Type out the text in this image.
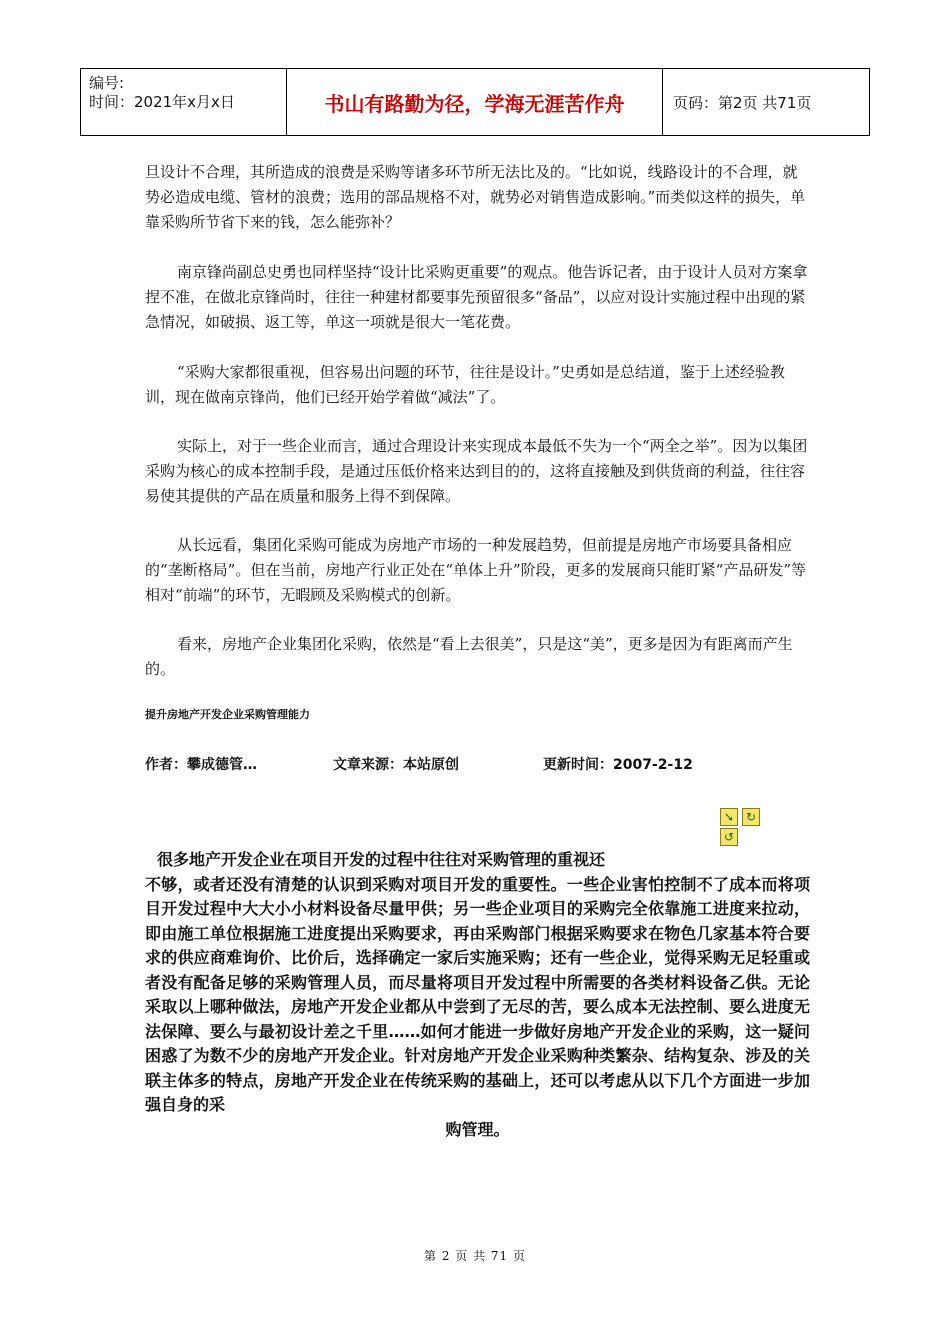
编号:
时间：2021年x月x日	书山有路勤为径，学海无涯苦作舟	页码：第2页 共71页

旦设计不合理，其所造成的浪费是采购等诸多环节所无法比及的。“比如说，线路设计的不合理，就势必造成电缆、管材的浪费；选用的部品规格不对，就势必对销售造成影响。”而类似这样的损失，单靠采购所节省下来的钱，怎么能弥补？

南京锋尚副总史勇也同样坚持“设计比采购更重要”的观点。他告诉记者，由于设计人员对方案拿捏不准，在做北京锋尚时，往往一种建材都要事先预留很多“备品”，以应对设计实施过程中出现的紧急情况，如破损、返工等，单这一项就是很大一笔花费。

“采购大家都很重视，但容易出问题的环节，往往是设计。”史勇如是总结道，鉴于上述经验教训，现在做南京锋尚，他们已经开始学着做“减法”了。

实际上，对于一些企业而言，通过合理设计来实现成本最低不失为一个“两全之举”。因为以集团采购为核心的成本控制手段，是通过压低价格来达到目的的，这将直接触及到供货商的利益，往往容易使其提供的产品在质量和服务上得不到保障。

从长远看，集团化采购可能成为房地产市场的一种发展趋势，但前提是房地产市场要具备相应的“垄断格局”。但在当前，房地产行业正处在“单体上升”阶段，更多的发展商只能盯紧“产品研发”等相对“前端”的环节，无暇顾及采购模式的创新。

看来，房地产企业集团化采购，依然是“看上去很美”，只是这“美”，更多是因为有距离而产生的。

提升房地产开发企业采购管理能力
作者：攀成德管…	文章来源：本站原创	更新时间：2007-2-12
➘ ↻
↺
很多地产开发企业在项目开发的过程中往往对采购管理的重视还
不够，或者还没有清楚的认识到采购对项目开发的重要性。一些企业害怕控制不了成本而将项目开发过程中大大小小材料设备尽量甲供；另一些企业项目的采购完全依靠施工进度来拉动，即由施工单位根据施工进度提出采购要求，再由采购部门根据采购要求在物色几家基本符合要求的供应商难询价、比价后，选择确定一家后实施采购；还有一些企业，觉得采购无足轻重或者没有配备足够的采购管理人员，而尽量将项目开发过程中所需要的各类材料设备乙供。无论采取以上哪种做法，房地产开发企业都从中尝到了无尽的苦，要么成本无法控制、要么进度无法保障、要么与最初设计差之千里……如何才能进一步做好房地产开发企业的采购，这一疑问困惑了为数不少的房地产开发企业。针对房地产开发企业采购种类繁杂、结构复杂、涉及的关联主体多的特点，房地产开发企业在传统采购的基础上，还可以考虑从以下几个方面进一步加强自身的采
购管理。
第 2 页 共 71 页
